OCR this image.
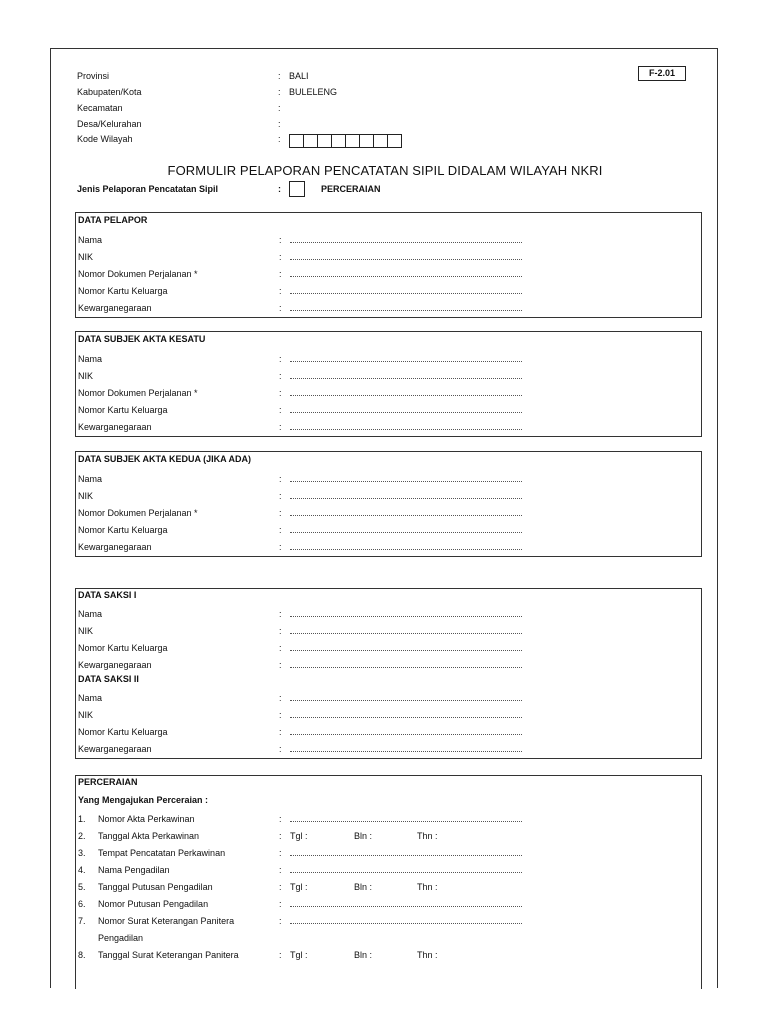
F-2.01
Provinsi	: BALI
Kabupaten/Kota	: BULELENG
Kecamatan	:
Desa/Kelurahan	:
Kode Wilayah	:
FORMULIR PELAPORAN PENCATATAN SIPIL DIDALAM WILAYAH NKRI
Jenis Pelaporan Pencatatan Sipil	:	PERCERAIAN
DATA PELAPOR
Nama	:
NIK	:
Nomor Dokumen Perjalanan *	:
Nomor Kartu Keluarga	:
Kewarganegaraan	:
DATA SUBJEK AKTA KESATU
Nama	:
NIK	:
Nomor Dokumen Perjalanan *	:
Nomor Kartu Keluarga	:
Kewarganegaraan	:
DATA SUBJEK AKTA KEDUA (JIKA ADA)
Nama	:
NIK	:
Nomor Dokumen Perjalanan *	:
Nomor Kartu Keluarga	:
Kewarganegaraan	:
DATA SAKSI I
Nama	:
NIK	:
Nomor Kartu Keluarga	:
Kewarganegaraan	:
DATA SAKSI II
Nama	:
NIK	:
Nomor Kartu Keluarga	:
Kewarganegaraan	:
PERCERAIAN
Yang Mengajukan Perceraian :
1. Nomor Akta Perkawinan	:
2. Tanggal Akta Perkawinan	: Tgl :	Bln :	Thn :
3. Tempat Pencatatan Perkawinan	:
4. Nama Pengadilan	:
5. Tanggal Putusan Pengadilan	: Tgl :	Bln :	Thn :
6. Nomor Putusan Pengadilan	:
7. Nomor Surat Keterangan Panitera	:
Pengadilan
8. Tanggal Surat Keterangan Panitera	: Tgl :	Bln :	Thn :
